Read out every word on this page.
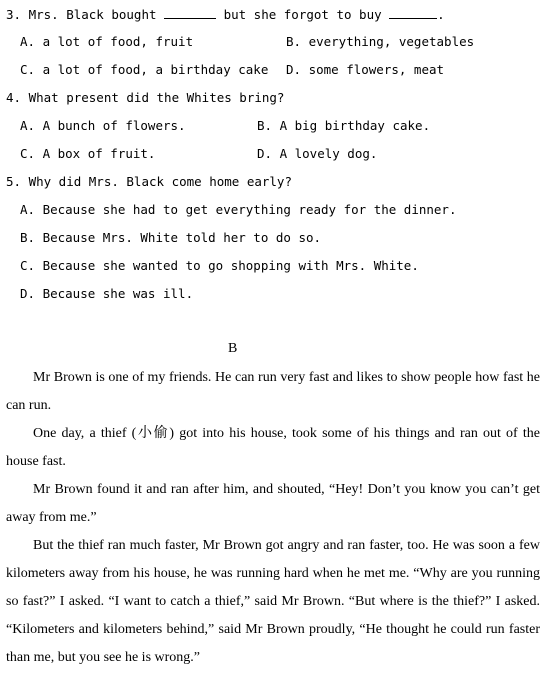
3. Mrs. Black bought	but she forgot to buy	.
A. a lot of food, fruit	B. everything, vegetables
C. a lot of food, a birthday cake D. some flowers, meat
4. What present did the Whites bring?
A. A bunch of flowers.	B. A big birthday cake.
C. A box of fruit.	D. A lovely dog.
5. Why did Mrs. Black come home early?
A. Because she had to get everything ready for the dinner.
B. Because Mrs. White told her to do so.
C. Because she wanted to go shopping with Mrs. White.
D. Because she was ill.
B

Mr Brown is one of my friends. He can run very fast and likes to show people how fast he can run.

One day, a thief (小偷) got into his house, took some of his things and ran out of the house fast.

Mr Brown found it and ran after him, and shouted, “Hey! Don’t you know you can’t get away from me.”

But the thief ran much faster, Mr Brown got angry and ran faster, too. He was soon a few kilometers away from his house, he was running hard when he met me. “Why are you running so fast?” I asked. “I want to catch a thief,” said Mr Brown. “But where is the thief?” I asked. “Kilometers and kilometers behind,” said Mr Brown proudly, “He thought he could run faster than me, but you see he is wrong.”
